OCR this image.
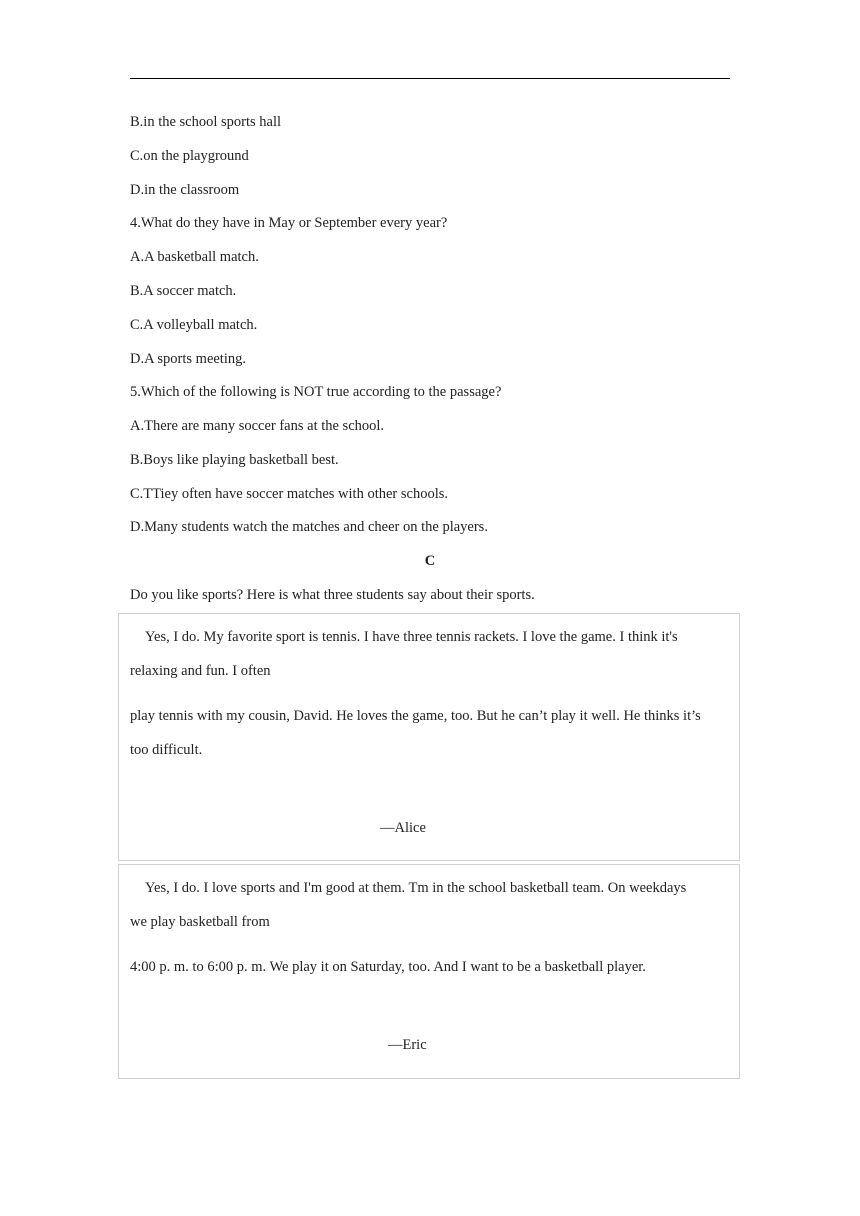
B.in the school sports hall
C.on the playground
D.in the classroom
4.What do they have in May or September every year?
A.A basketball match.
B.A soccer match.
C.A volleyball match.
D.A sports meeting.
5.Which of the following is NOT true according to the passage?
A.There are many soccer fans at the school.
B.Boys like playing basketball best.
C.TTiey often have soccer matches with other schools.
D.Many students watch the matches and cheer on the players.
C
Do you like sports? Here is what three students say about their sports.
Yes, I do. My favorite sport is tennis. I have three tennis rackets. I love the game. I think it's
relaxing and fun. I often
play tennis with my cousin, David. He loves the game, too. But he can’t play it well. He thinks it’s
too difficult.
—Alice
Yes, I do. I love sports and I'm good at them. Tm in the school basketball team. On weekdays
we play basketball from
4:00 p. m. to 6:00 p. m. We play it on Saturday, too. And I want to be a basketball player.
—Eric
